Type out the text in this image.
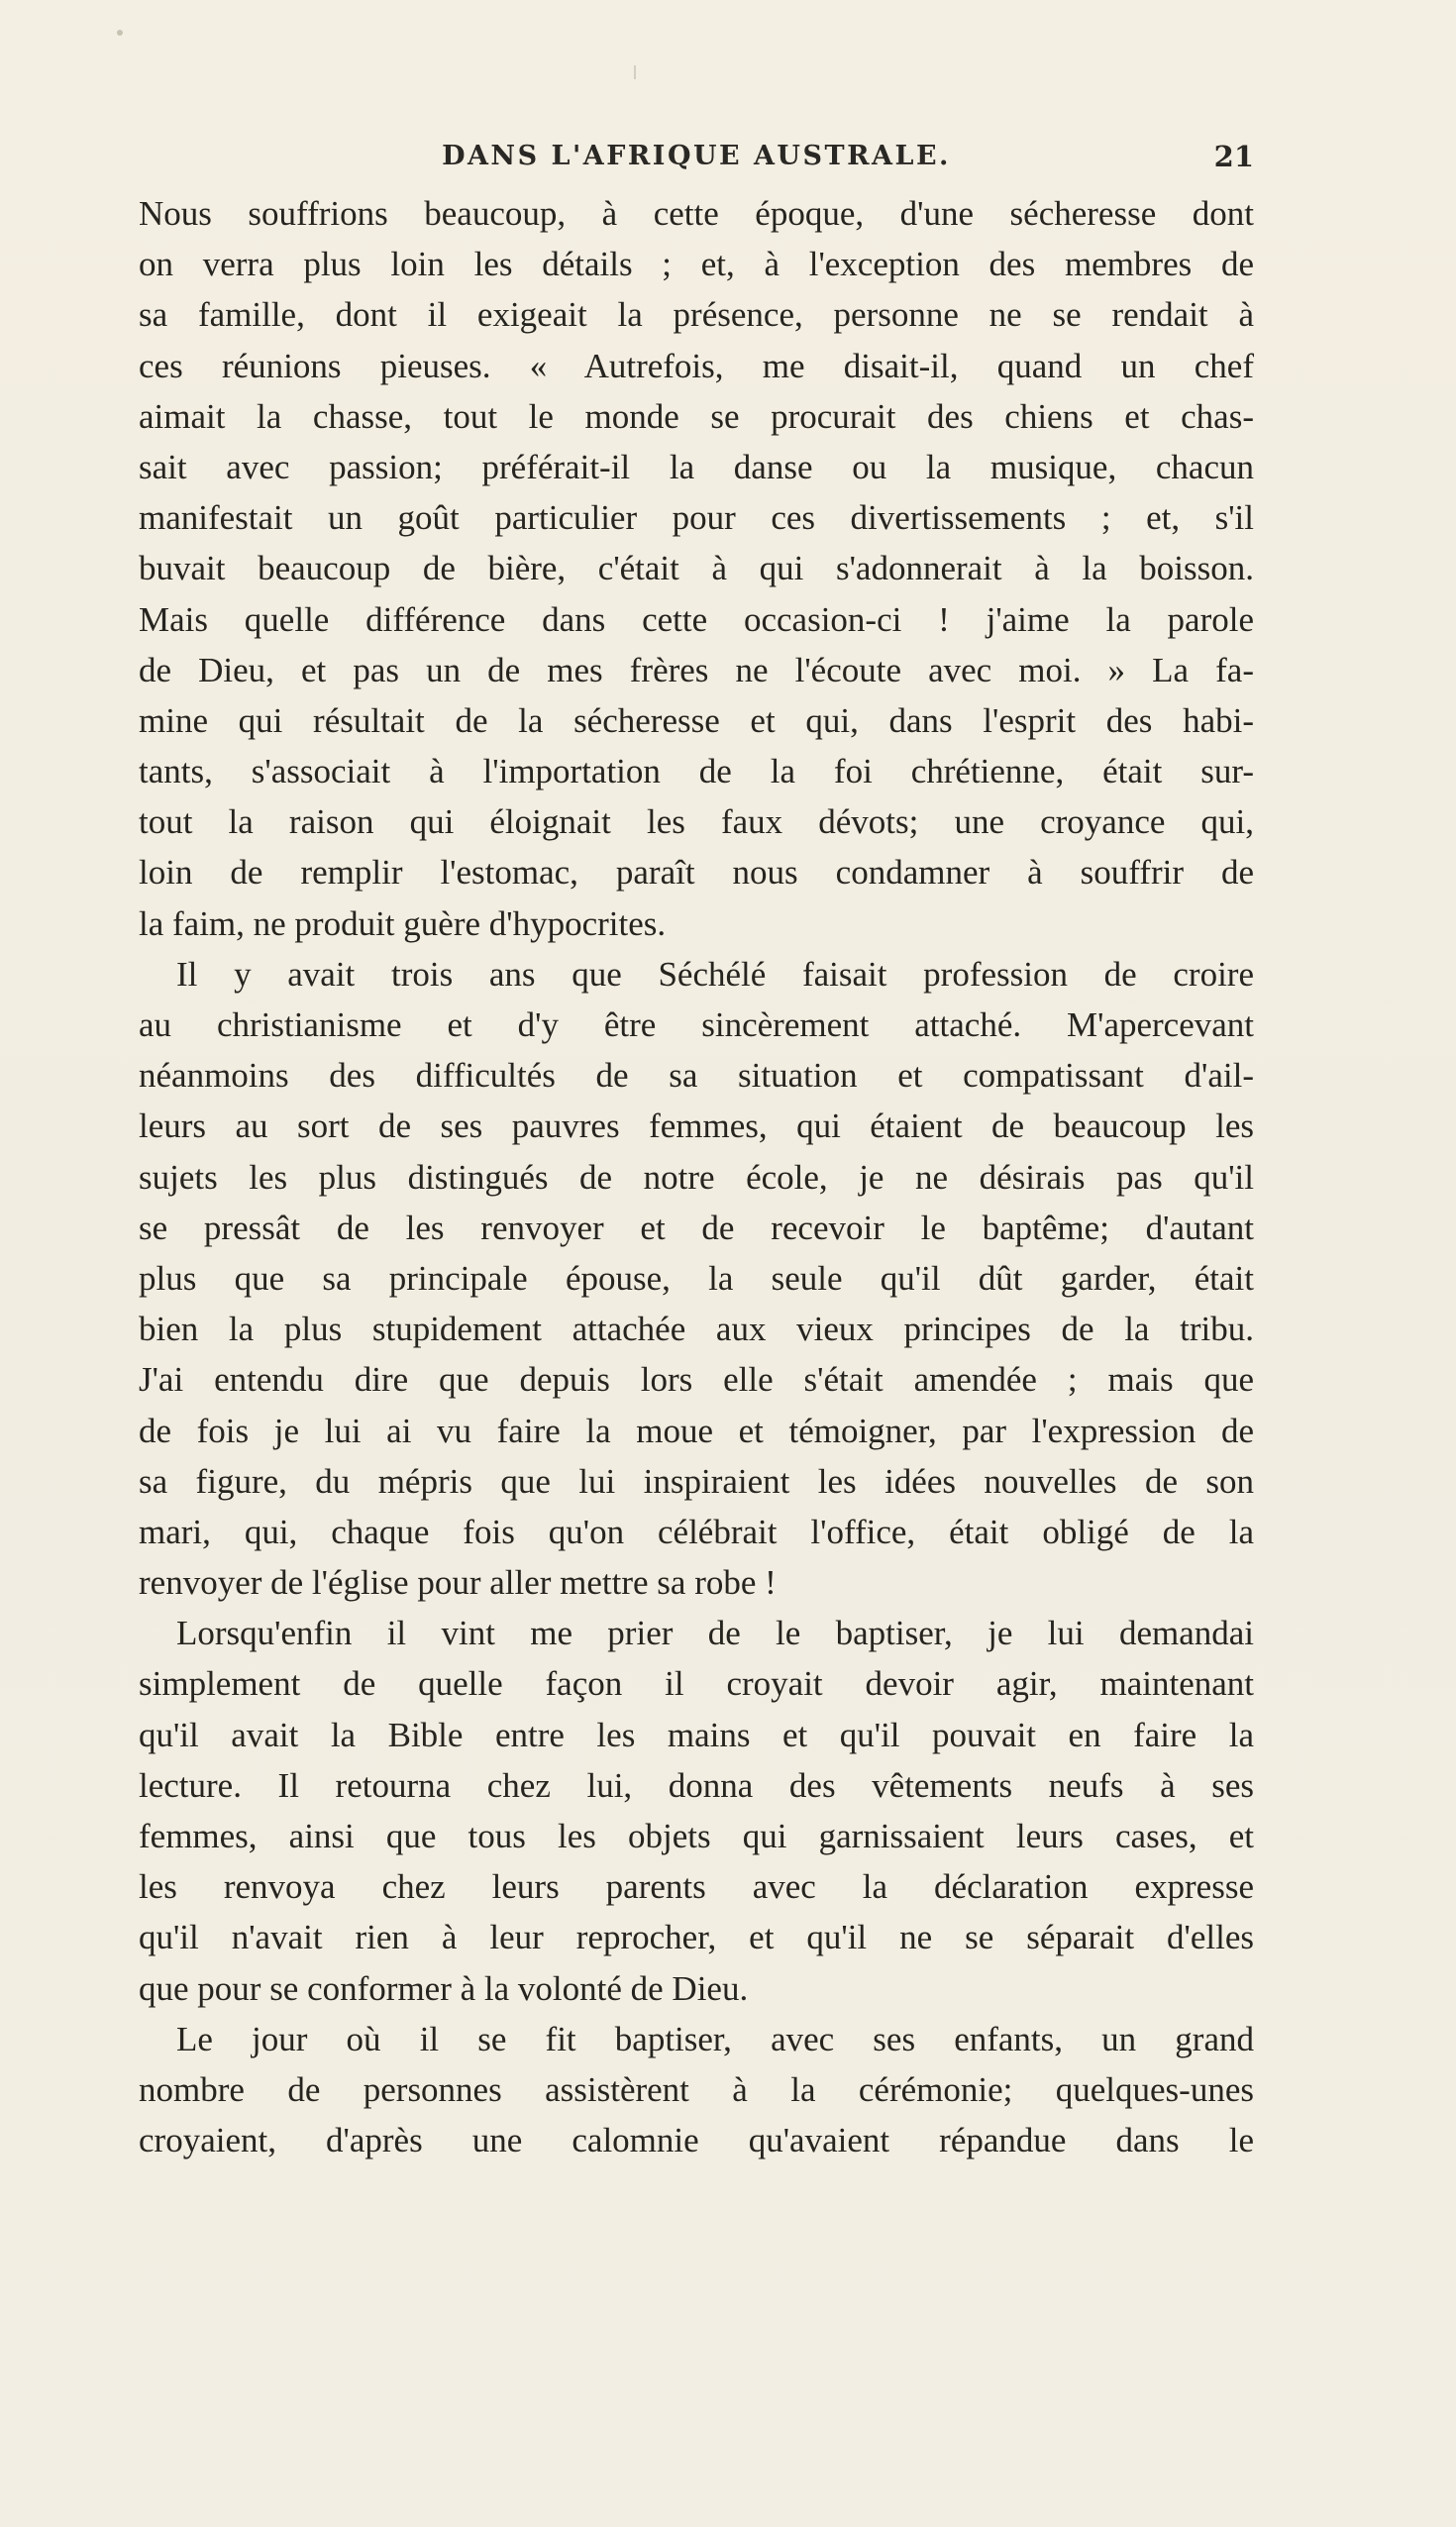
DANS L'AFRIQUE AUSTRALE.	21
Nous souffrions beaucoup, à cette époque, d'une sécheresse dont
on verra plus loin les détails ; et, à l'exception des membres de
sa famille, dont il exigeait la présence, personne ne se rendait à
ces réunions pieuses. « Autrefois, me disait-il, quand un chef
aimait la chasse, tout le monde se procurait des chiens et chas-
sait avec passion; préférait-il la danse ou la musique, chacun
manifestait un goût particulier pour ces divertissements ; et, s'il
buvait beaucoup de bière, c'était à qui s'adonnerait à la boisson.
Mais quelle différence dans cette occasion-ci ! j'aime la parole
de Dieu, et pas un de mes frères ne l'écoute avec moi. » La fa-
mine qui résultait de la sécheresse et qui, dans l'esprit des habi-
tants, s'associait à l'importation de la foi chrétienne, était sur-
tout la raison qui éloignait les faux dévots; une croyance qui,
loin de remplir l'estomac, paraît nous condamner à souffrir de
la faim, ne produit guère d'hypocrites.
Il y avait trois ans que Séchélé faisait profession de croire
au christianisme et d'y être sincèrement attaché. M'apercevant
néanmoins des difficultés de sa situation et compatissant d'ail-
leurs au sort de ses pauvres femmes, qui étaient de beaucoup les
sujets les plus distingués de notre école, je ne désirais pas qu'il
se pressât de les renvoyer et de recevoir le baptême; d'autant
plus que sa principale épouse, la seule qu'il dût garder, était
bien la plus stupidement attachée aux vieux principes de la tribu.
J'ai entendu dire que depuis lors elle s'était amendée ; mais que
de fois je lui ai vu faire la moue et témoigner, par l'expression de
sa figure, du mépris que lui inspiraient les idées nouvelles de son
mari, qui, chaque fois qu'on célébrait l'office, était obligé de la
renvoyer de l'église pour aller mettre sa robe !
Lorsqu'enfin il vint me prier de le baptiser, je lui demandai
simplement de quelle façon il croyait devoir agir, maintenant
qu'il avait la Bible entre les mains et qu'il pouvait en faire la
lecture. Il retourna chez lui, donna des vêtements neufs à ses
femmes, ainsi que tous les objets qui garnissaient leurs cases, et
les renvoya chez leurs parents avec la déclaration expresse
qu'il n'avait rien à leur reprocher, et qu'il ne se séparait d'elles
que pour se conformer à la volonté de Dieu.
Le jour où il se fit baptiser, avec ses enfants, un grand
nombre de personnes assistèrent à la cérémonie; quelques-unes
croyaient, d'après une calomnie qu'avaient répandue dans le
